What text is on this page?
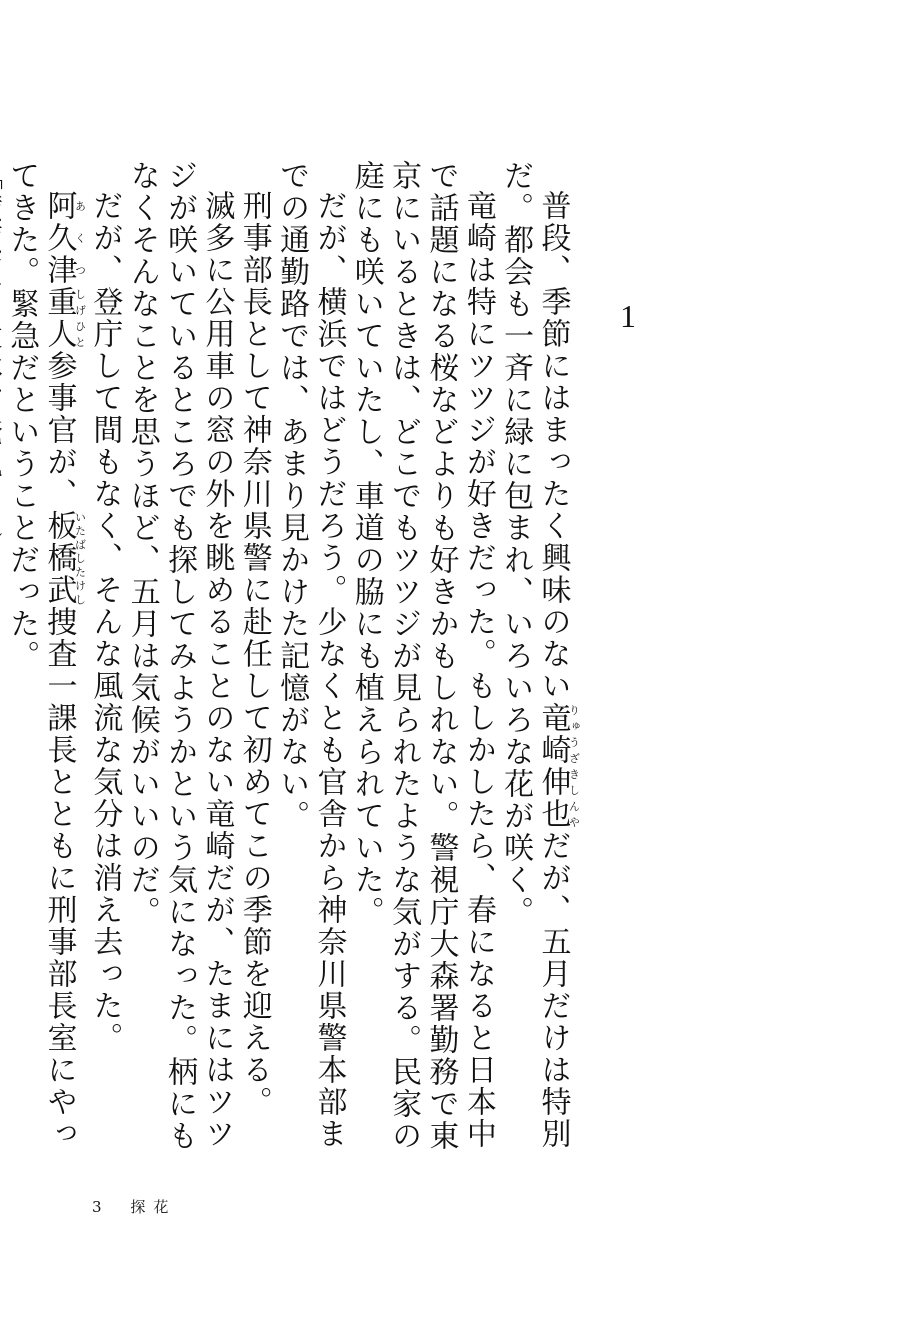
1

普段、季節にはまったく興味のない竜崎伸也りゅうざきしんやだが、五月だけは特別だ。都会も一斉に緑に包まれ、いろいろな花が咲く。

竜崎は特にツツジが好きだった。もしかしたら、春になると日本中で話題になる桜などよりも好きかもしれない。警視庁大森署勤務で東京にいるときは、どこでもツツジが見られたような気がする。民家の庭にも咲いていたし、車道の脇にも植えられていた。

だが、横浜ではどうだろう。少なくとも官舎から神奈川県警本部までの通勤路では、あまり見かけた記憶がない。

刑事部長として神奈川県警に赴任して初めてこの季節を迎える。

滅多に公用車の窓の外を眺めることのない竜崎だが、たまにはツツジが咲いているところでも探してみようかという気になった。柄にもなくそんなことを思うほど、五月は気候がいいのだ。

だが、登庁して間もなく、そんな風流な気分は消え去った。

阿久津あくつ重人しげひと参事官が、板橋武いたばしたけし捜査一課長とともに刑事部長室にやってきた。緊急だということだった。

3 探花
